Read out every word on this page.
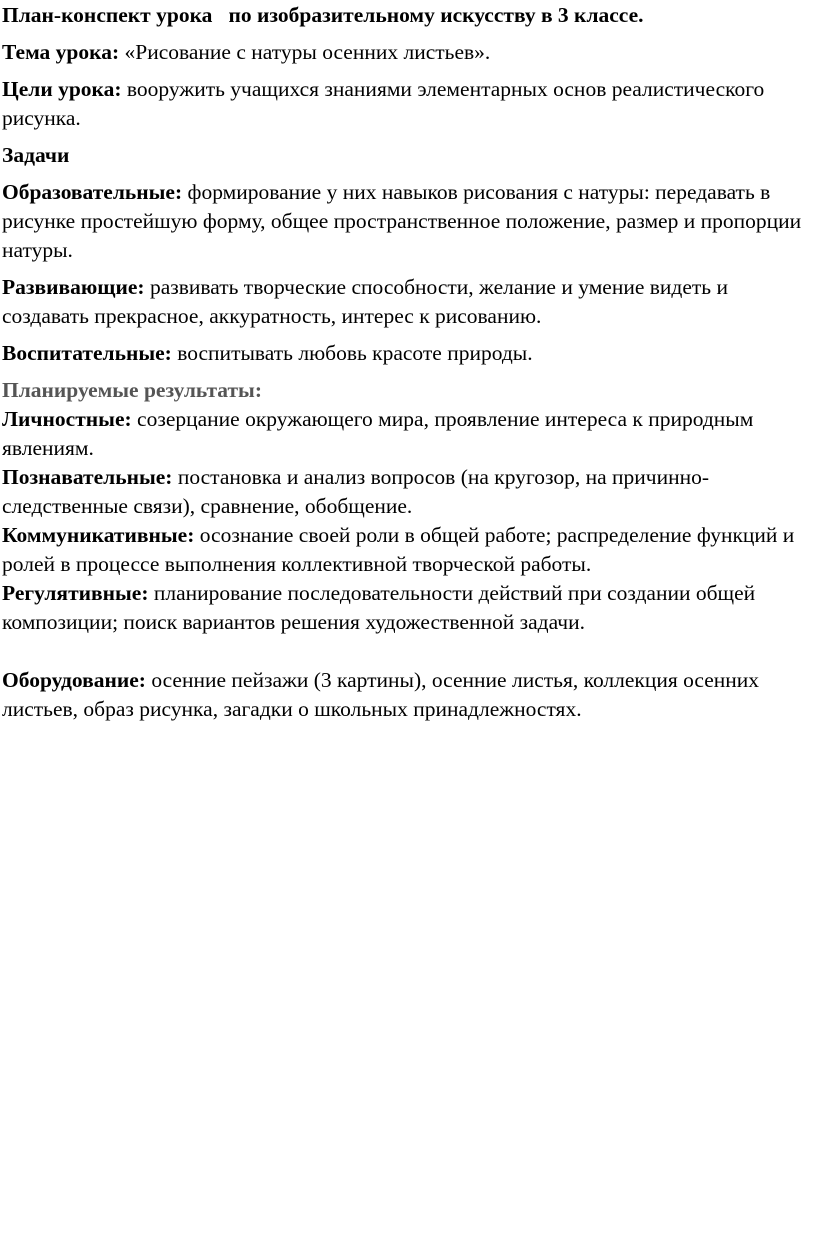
План-конспект урока   по изобразительному искусству в 3 классе.

Тема урока: «Рисование с натуры осенних листьев».

Цели урока: вооружить учащихся знаниями элементарных основ реалистического рисунка.

Задачи

Образовательные: формирование у них навыков рисования с натуры: передавать в рисунке простейшую форму, общее пространственное положение, размер и пропорции натуры.

Развивающие: развивать творческие способности, желание и умение видеть и создавать прекрасное, аккуратность, интерес к рисованию.

Воспитательные: воспитывать любовь красоте природы.

Планируемые результаты:

Личностные: созерцание окружающего мира, проявление интереса к природным явлениям.

Познавательные: постановка и анализ вопросов (на кругозор, на причинно-следственные связи), сравнение, обобщение.

Коммуникативные: осознание своей роли в общей работе; распределение функций и ролей в процессе выполнения коллективной творческой работы.

Регулятивные: планирование последовательности действий при создании общей композиции; поиск вариантов решения художественной задачи.

Оборудование: осенние пейзажи (3 картины), осенние листья, коллекция осенних листьев, образ рисунка, загадки о школьных принадлежностях.
